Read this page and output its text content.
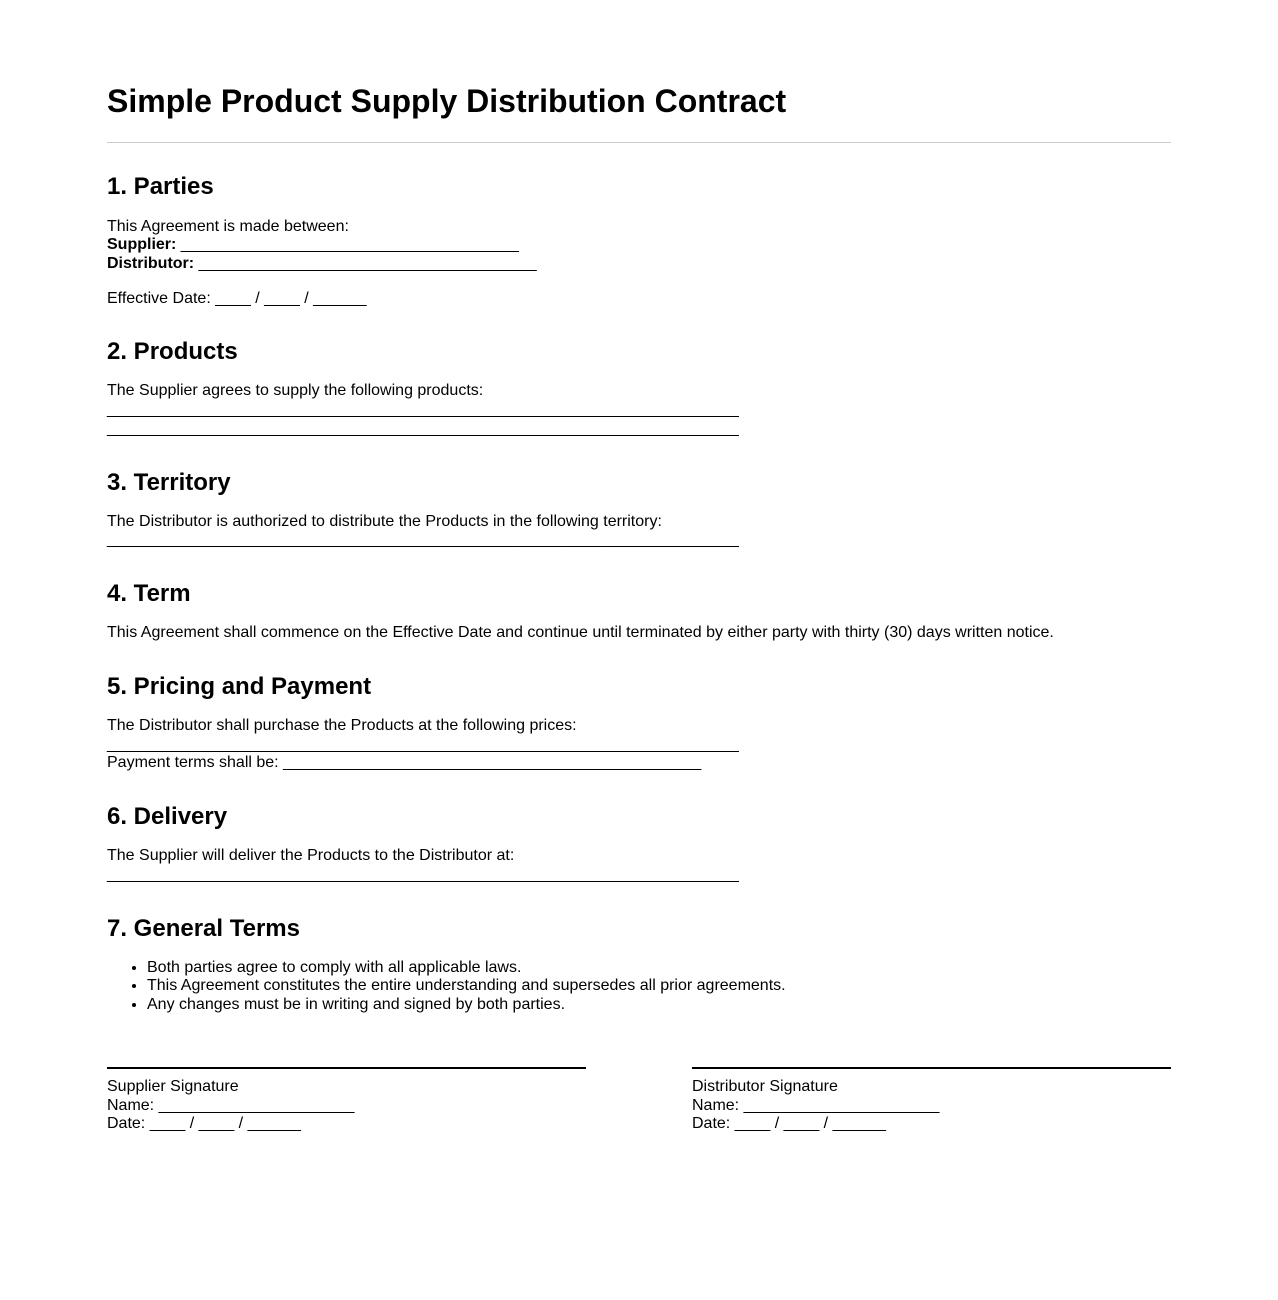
Simple Product Supply Distribution Contract
1. Parties

This Agreement is made between:
Supplier: ______________________________________
Distributor: ______________________________________

Effective Date: ____ / ____ / ______

2. Products

The Supplier agrees to supply the following products:
_______________________________________________________________________
_______________________________________________________________________

3. Territory

The Distributor is authorized to distribute the Products in the following territory:
_______________________________________________________________________

4. Term

This Agreement shall commence on the Effective Date and continue until terminated by either party with thirty (30) days written notice.

5. Pricing and Payment

The Distributor shall purchase the Products at the following prices:
_______________________________________________________________________
Payment terms shall be: _______________________________________________

6. Delivery

The Supplier will deliver the Products to the Distributor at:
_______________________________________________________________________

7. General Terms
• Both parties agree to comply with all applicable laws.
• This Agreement constitutes the entire understanding and supersedes all prior agreements.
• Any changes must be in writing and signed by both parties.
Supplier Signature
Name: ______________________
Date: ____ / ____ / ______
Distributor Signature
Name: ______________________
Date: ____ / ____ / ______
